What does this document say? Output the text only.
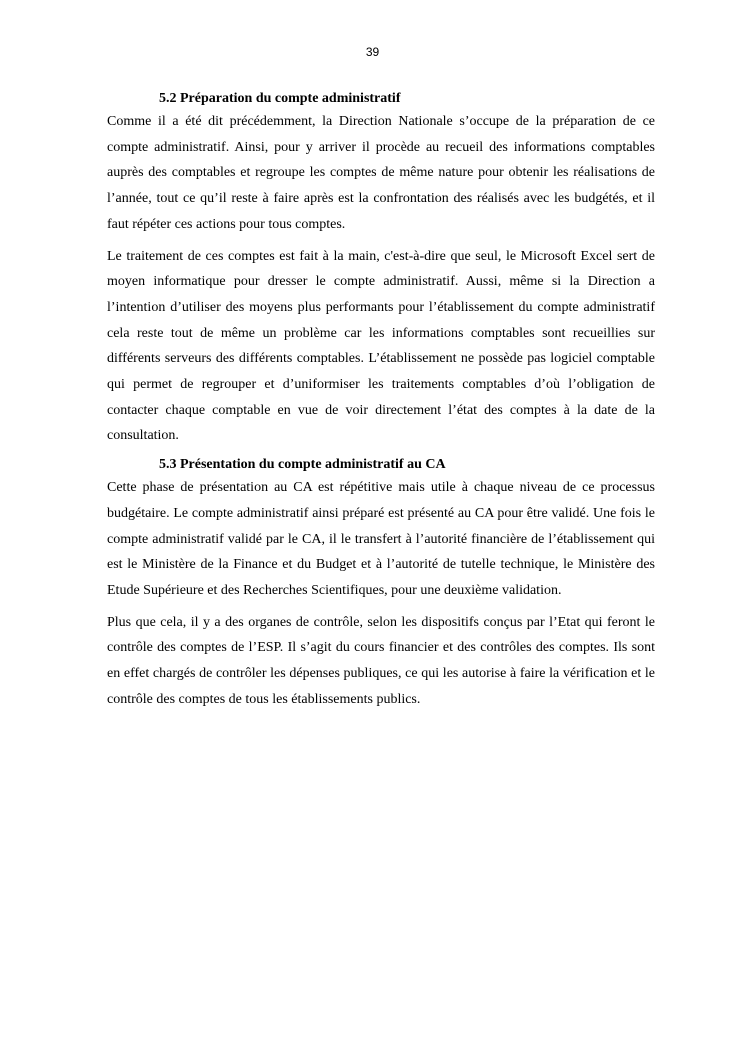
39
5.2 Préparation du compte administratif

Comme il a été dit précédemment, la Direction Nationale s’occupe de la préparation de ce compte administratif. Ainsi, pour y arriver il procède au recueil des informations comptables auprès des comptables et regroupe les comptes de même nature pour obtenir les réalisations de l’année, tout ce qu’il reste à faire après est la confrontation des réalisés avec les budgétés, et il faut répéter ces actions pour tous comptes.

Le traitement de ces comptes est fait à la main, c'est-à-dire que seul, le Microsoft Excel sert de moyen informatique pour dresser le compte administratif. Aussi, même si la Direction a l’intention d’utiliser des moyens plus performants pour l’établissement du compte administratif cela reste tout de même un problème car les informations comptables sont recueillies sur différents serveurs des différents comptables. L’établissement ne possède pas logiciel comptable qui permet de regrouper et d’uniformiser les traitements comptables d’où l’obligation de contacter chaque comptable en vue de voir directement l’état des comptes à la date de la consultation.

5.3 Présentation du compte administratif au CA

Cette phase de présentation au CA est répétitive mais utile à chaque niveau de ce processus budgétaire. Le compte administratif ainsi préparé est présenté au CA pour être validé. Une fois le compte administratif validé par le CA, il le transfert à l’autorité financière de l’établissement qui est le Ministère de la Finance et du Budget et à l’autorité de tutelle technique, le Ministère des Etude Supérieure et des Recherches Scientifiques, pour une deuxième validation.

Plus que cela, il y a des organes de contrôle, selon les dispositifs conçus par l’Etat qui feront le contrôle des comptes de l’ESP. Il s’agit du cours financier et des contrôles des comptes. Ils sont en effet chargés de contrôler les dépenses publiques, ce qui les autorise à faire la vérification et le contrôle des comptes de tous les établissements publics.
